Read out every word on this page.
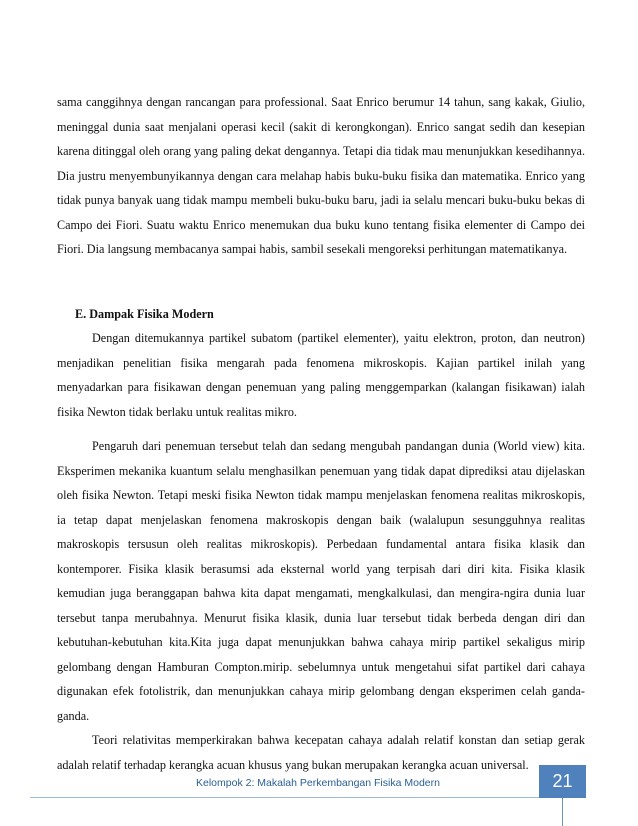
sama canggihnya dengan rancangan para professional. Saat Enrico berumur 14 tahun, sang kakak, Giulio, meninggal dunia saat menjalani operasi kecil (sakit di kerongkongan). Enrico sangat sedih dan kesepian karena ditinggal oleh orang yang paling dekat dengannya. Tetapi dia tidak mau menunjukkan kesedihannya. Dia justru menyembunyikannya dengan cara melahap habis buku-buku fisika dan matematika. Enrico yang tidak punya banyak uang tidak mampu membeli buku-buku baru, jadi ia selalu mencari buku-buku bekas di Campo dei Fiori. Suatu waktu Enrico menemukan dua buku kuno tentang fisika elementer di Campo dei Fiori. Dia langsung membacanya sampai habis, sambil sesekali mengoreksi perhitungan matematikanya.

E. Dampak Fisika Modern

Dengan ditemukannya partikel subatom (partikel elementer), yaitu elektron, proton, dan neutron) menjadikan penelitian fisika mengarah pada fenomena mikroskopis. Kajian partikel inilah yang menyadarkan para fisikawan dengan penemuan yang paling menggemparkan (kalangan fisikawan) ialah fisika Newton tidak berlaku untuk realitas mikro.

Pengaruh dari penemuan tersebut telah dan sedang mengubah pandangan dunia (World view) kita. Eksperimen mekanika kuantum selalu menghasilkan penemuan yang tidak dapat diprediksi atau dijelaskan oleh fisika Newton. Tetapi meski fisika Newton tidak mampu menjelaskan fenomena realitas mikroskopis, ia tetap dapat menjelaskan fenomena makroskopis dengan baik (walalupun sesungguhnya realitas makroskopis tersusun oleh realitas mikroskopis). Perbedaan fundamental antara fisika klasik dan kontemporer. Fisika klasik berasumsi ada eksternal world yang terpisah dari diri kita. Fisika klasik kemudian juga beranggapan bahwa kita dapat mengamati, mengkalkulasi, dan mengira-ngira dunia luar tersebut tanpa merubahnya. Menurut fisika klasik, dunia luar tersebut tidak berbeda dengan diri dan kebutuhan-kebutuhan kita.Kita juga dapat menunjukkan bahwa cahaya mirip partikel sekaligus mirip gelombang dengan Hamburan Compton.mirip. sebelumnya untuk mengetahui sifat partikel dari cahaya digunakan efek fotolistrik, dan menunjukkan cahaya mirip gelombang dengan eksperimen celah ganda-ganda.

Teori relativitas memperkirakan bahwa kecepatan cahaya adalah relatif konstan dan setiap gerak adalah relatif terhadap kerangka acuan khusus yang bukan merupakan kerangka acuan universal.

Kelompok 2: Makalah Perkembangan Fisika Modern	21
